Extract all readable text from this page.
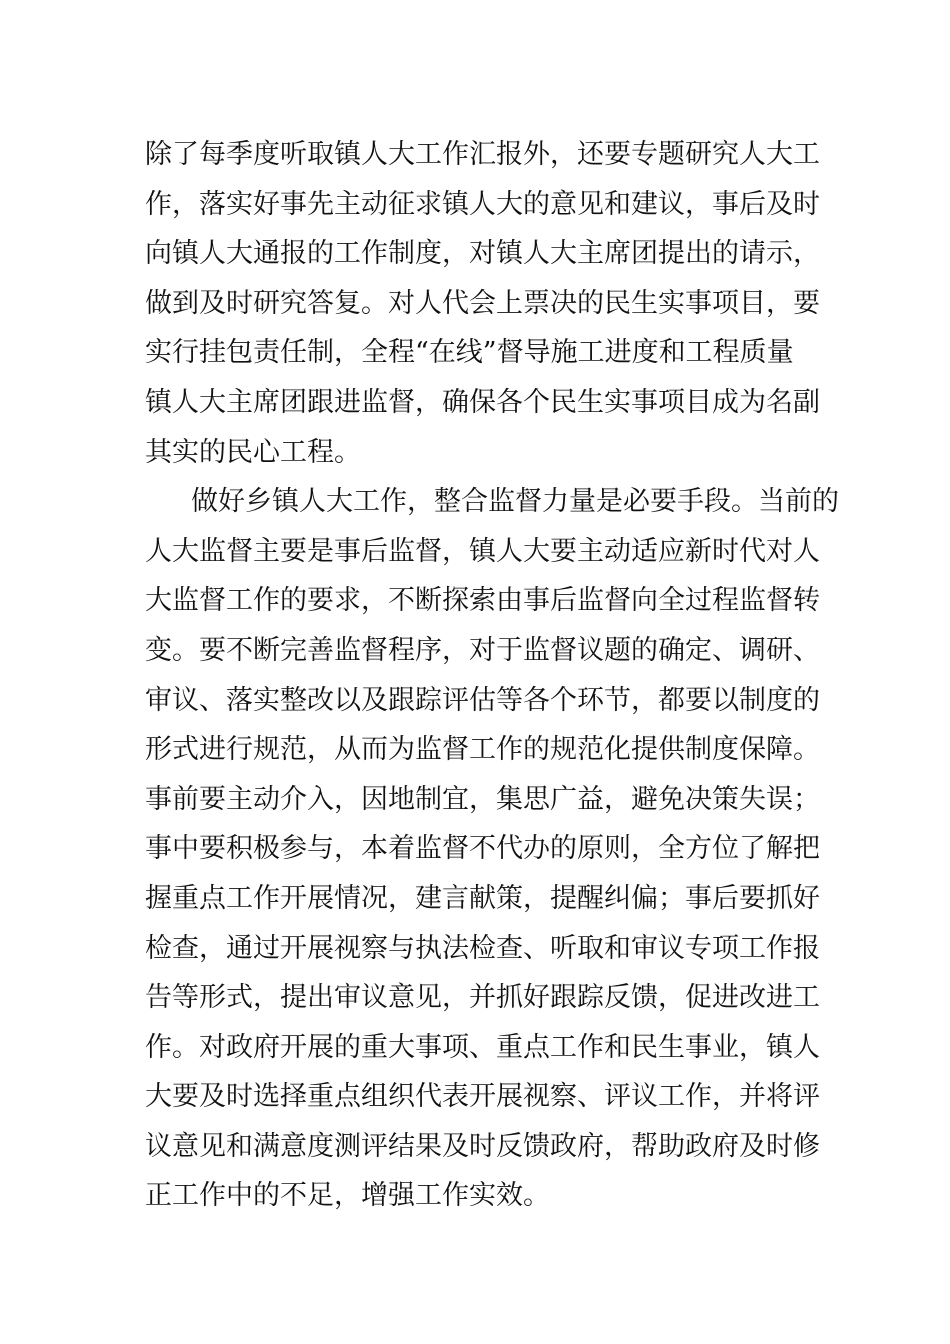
除了每季度听取镇人大工作汇报外，还要专题研究人大工
作，落实好事先主动征求镇人大的意见和建议，事后及时
向镇人大通报的工作制度，对镇人大主席团提出的请示，
做到及时研究答复。对人代会上票决的民生实事项目，要
实行挂包责任制，全程“在线”督导施工进度和工程质量
镇人大主席团跟进监督，确保各个民生实事项目成为名副
其实的民心工程。
做好乡镇人大工作，整合监督力量是必要手段。当前的
人大监督主要是事后监督，镇人大要主动适应新时代对人
大监督工作的要求，不断探索由事后监督向全过程监督转
变。要不断完善监督程序，对于监督议题的确定、调研、
审议、落实整改以及跟踪评估等各个环节，都要以制度的
形式进行规范，从而为监督工作的规范化提供制度保障。
事前要主动介入，因地制宜，集思广益，避免决策失误；
事中要积极参与，本着监督不代办的原则，全方位了解把
握重点工作开展情况，建言献策，提醒纠偏；事后要抓好
检查，通过开展视察与执法检查、听取和审议专项工作报
告等形式，提出审议意见，并抓好跟踪反馈，促进改进工
作。对政府开展的重大事项、重点工作和民生事业，镇人
大要及时选择重点组织代表开展视察、评议工作，并将评
议意见和满意度测评结果及时反馈政府，帮助政府及时修
正工作中的不足，增强工作实效。
